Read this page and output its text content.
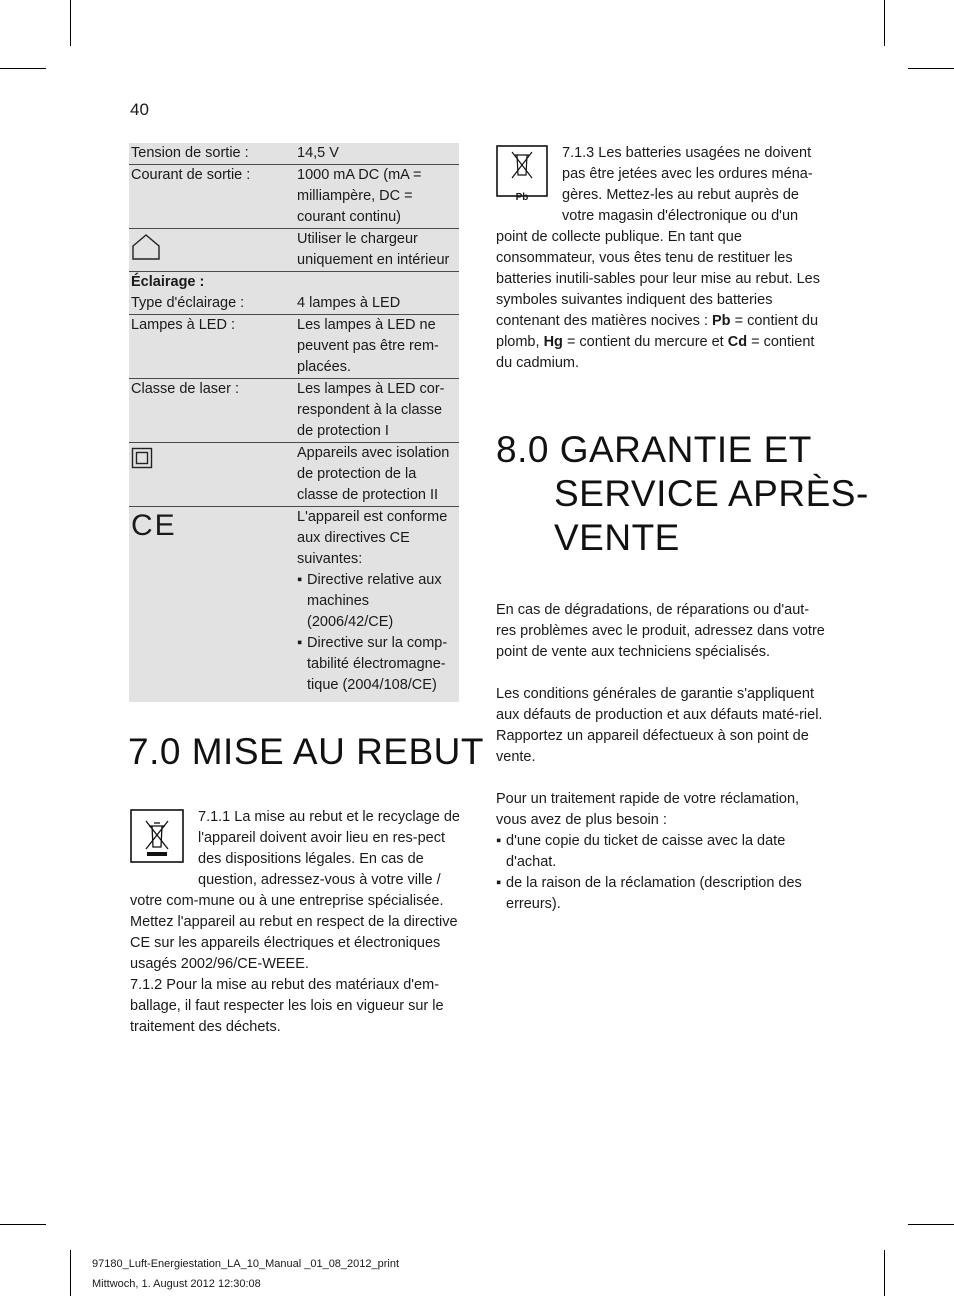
40
Tension de sortie :	14,5 V
Courant de sortie :	1000 mA DC (mA = milliampère, DC = courant continu)
Utiliser le chargeur uniquement en intérieur
Éclairage :
Type d'éclairage :	4 lampes à LED
Lampes à LED :	Les lampes à LED ne peuvent pas être rem-placées.
Classe de laser :	Les lampes à LED cor-respondent à la classe de protection I
Appareils avec isolation de protection de la classe de protection II
CE	L'appareil est conforme aux directives CE suivantes:
▪ Directive relative aux machines (2006/42/CE)
▪ Directive sur la comp-tabilité électromagne-tique (2004/108/CE)
7.0 MISE AU REBUT
7.1.1 La mise au rebut et le recyclage de l'appareil doivent avoir lieu en res-pect des dispositions légales. En cas de question, adressez-vous à votre ville / votre com-mune ou à une entreprise spécialisée. Mettez l'appareil au rebut en respect de la directive CE sur les appareils électriques et électroniques usagés 2002/96/CE-WEEE.
7.1.2 Pour la mise au rebut des matériaux d'em-ballage, il faut respecter les lois en vigueur sur le traitement des déchets.
Pb
7.1.3 Les batteries usagées ne doivent pas être jetées avec les ordures ména-gères. Mettez-les au rebut auprès de votre magasin d'électronique ou d'un point de collecte publique. En tant que consommateur, vous êtes tenu de restituer les batteries inutili-sables pour leur mise au rebut. Les symboles suivantes indiquent des batteries contenant des matières nocives : Pb = contient du plomb, Hg = contient du mercure et Cd = contient du cadmium.
8.0 GARANTIE ET
SERVICE APRÈS-
VENTE
En cas de dégradations, de réparations ou d'aut-res problèmes avec le produit, adressez dans votre point de vente aux techniciens spécialisés.
Les conditions générales de garantie s'appliquent aux défauts de production et aux défauts maté-riel. Rapportez un appareil défectueux à son point de vente.
Pour un traitement rapide de votre réclamation, vous avez de plus besoin :
▪ d'une copie du ticket de caisse avec la date d'achat.
▪ de la raison de la réclamation (description des erreurs).
97180_Luft-Energiestation_LA_10_Manual _01_08_2012_print
Mittwoch, 1. August 2012 12:30:08
